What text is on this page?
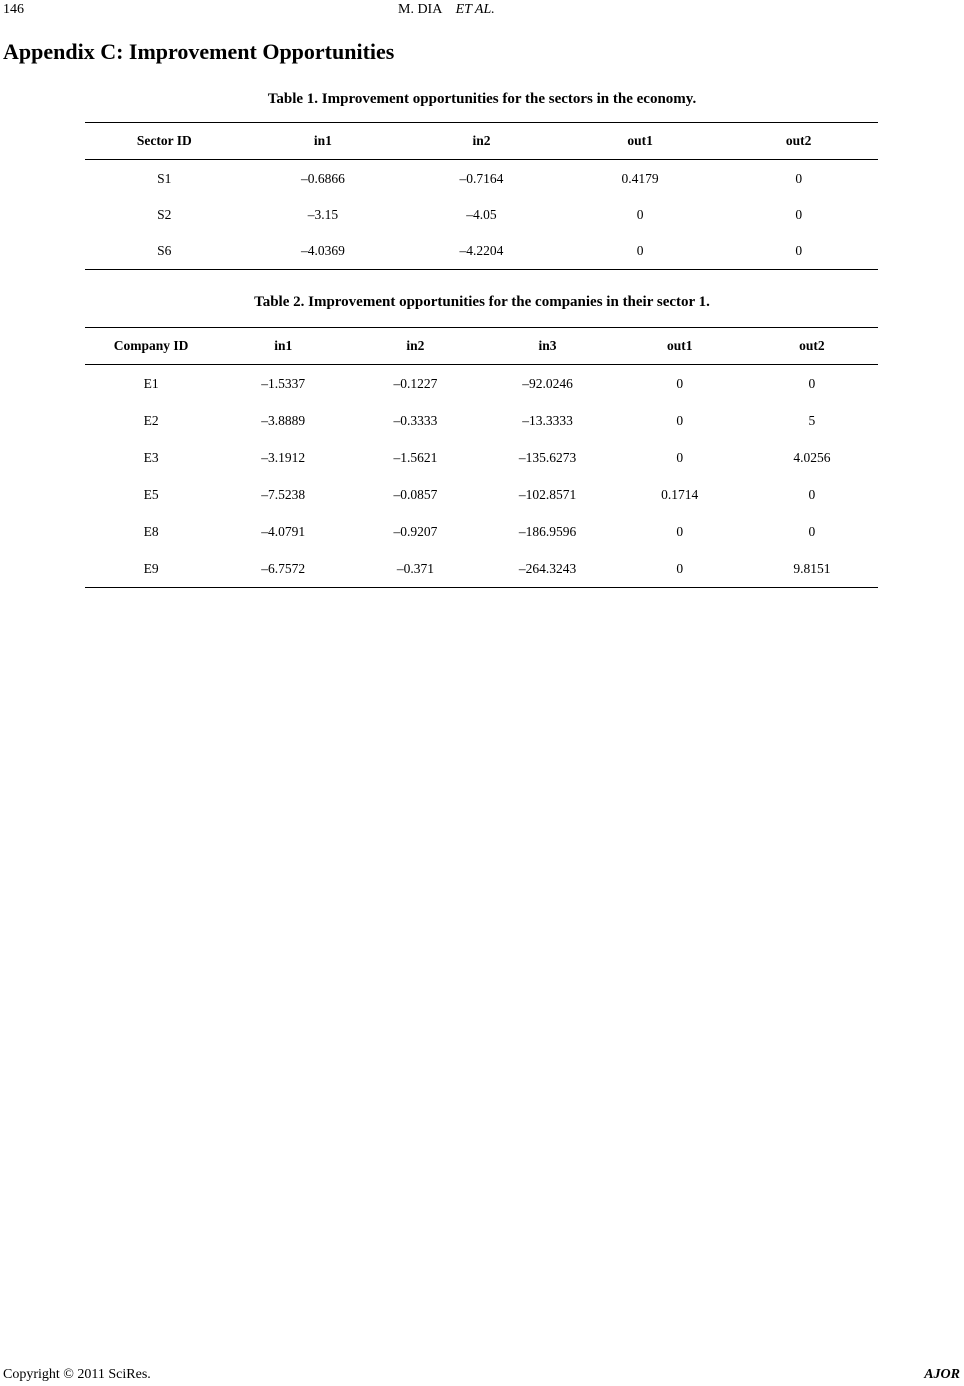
146	M. DIA ET AL.
Appendix C: Improvement Opportunities
Table 1. Improvement opportunities for the sectors in the economy.
Sector ID	in1	in2	out1	out2
S1	–0.6866	–0.7164	0.4179	0
S2	–3.15	–4.05	0	0
S6	–4.0369	–4.2204	0	0
Table 2. Improvement opportunities for the companies in their sector 1.
Company ID	in1	in2	in3	out1	out2
E1	–1.5337	–0.1227	–92.0246	0	0
E2	–3.8889	–0.3333	–13.3333	0	5
E3	–3.1912	–1.5621	–135.6273	0	4.0256
E5	–7.5238	–0.0857	–102.8571	0.1714	0
E8	–4.0791	–0.9207	–186.9596	0	0
E9	–6.7572	–0.371	–264.3243	0	9.8151
Copyright © 2011 SciRes.	AJOR
